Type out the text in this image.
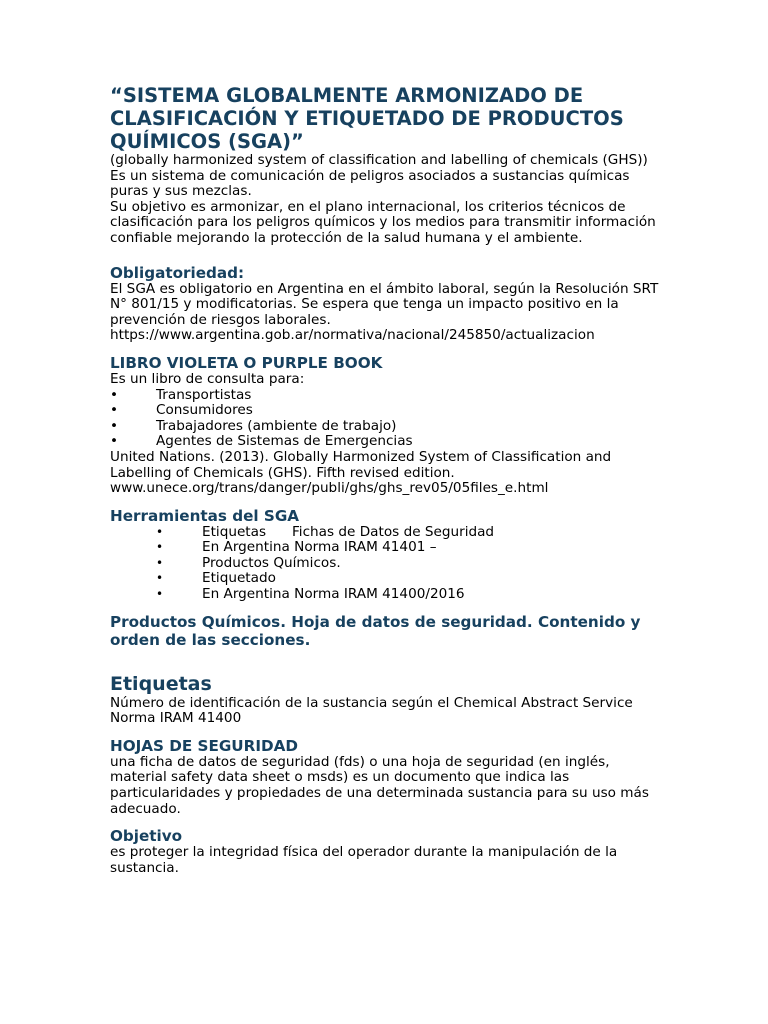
“SISTEMA GLOBALMENTE ARMONIZADO DE CLASIFICACIÓN Y ETIQUETADO DE PRODUCTOS QUÍMICOS (SGA)”

(globally harmonized system of classification and labelling of chemicals (GHS))

Es un sistema de comunicación de peligros asociados a sustancias químicas puras y sus mezclas.

Su objetivo es armonizar, en el plano internacional, los criterios técnicos de clasificación para los peligros químicos y los medios para transmitir información confiable mejorando la protección de la salud humana y el ambiente.

Obligatoriedad:

El SGA es obligatorio en Argentina en el ámbito laboral, según la Resolución SRT N° 801/15 y modificatorias. Se espera que tenga un impacto positivo en la prevención de riesgos laborales.

https://www.argentina.gob.ar/normativa/nacional/245850/actualizacion

LIBRO VIOLETA O PURPLE BOOK

Es un libro de consulta para:

•	Transportistas
•	Consumidores
•	Trabajadores (ambiente de trabajo)
•	Agentes de Sistemas de Emergencias

United Nations. (2013). Globally Harmonized System of Classification and Labelling of Chemicals (GHS). Fifth revised edition.

www.unece.org/trans/danger/publi/ghs/ghs_rev05/05files_e.html

Herramientas del SGA
•	Etiquetas      Fichas de Datos de Seguridad
•	En Argentina Norma IRAM 41401 –
•	Productos Químicos.
•	Etiquetado
•	En Argentina Norma IRAM 41400/2016
Productos Químicos. Hoja de datos de seguridad. Contenido y orden de las secciones.
Etiquetas

Número de identificación de la sustancia según el Chemical Abstract Service

Norma IRAM 41400

HOJAS DE SEGURIDAD

una ficha de datos de seguridad (fds) o una hoja de seguridad (en inglés, material safety data sheet o msds) es un documento que indica las particularidades y propiedades de una determinada sustancia para su uso más adecuado.

Objetivo

es proteger la integridad física del operador durante la manipulación de la sustancia.
